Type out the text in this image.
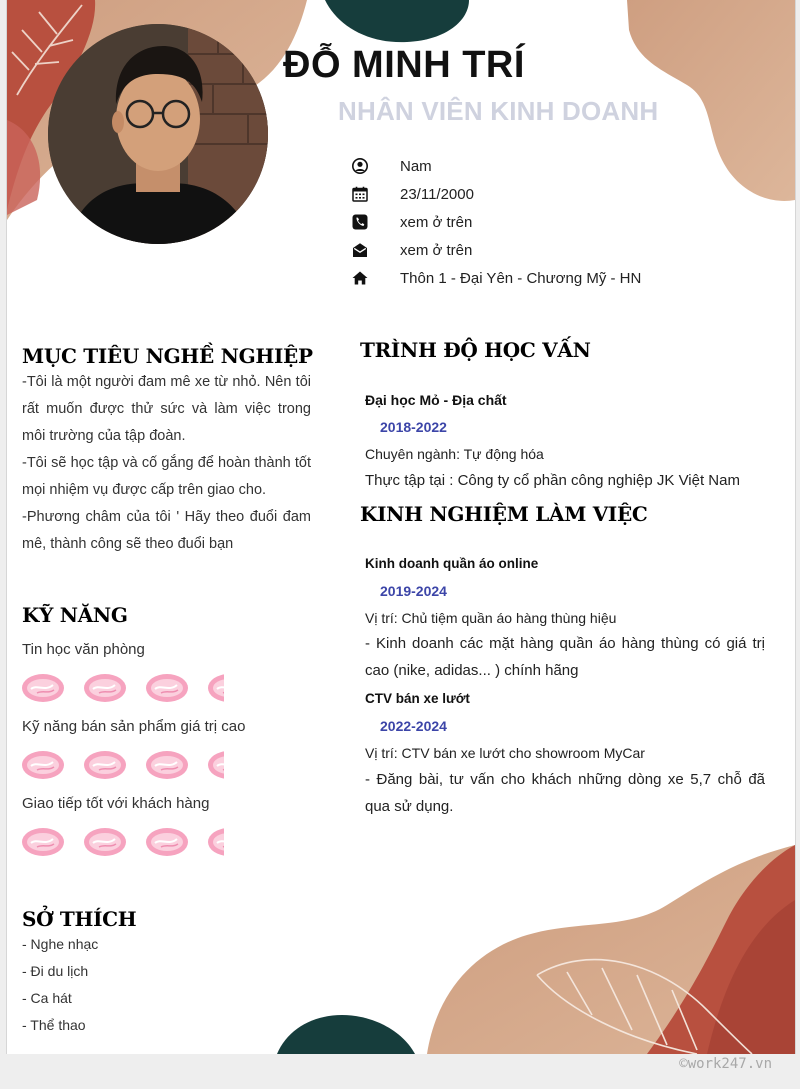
ĐỖ MINH TRÍ
NHÂN VIÊN KINH DOANH
Nam
23/11/2000
xem ở trên
xem ở trên
Thôn 1 - Đại Yên - Chương Mỹ - HN
MỤC TIÊU NGHỀ NGHIỆP

-Tôi là một người đam mê xe từ nhỏ. Nên tôi rất muốn được thử sức và làm việc trong môi trường của tập đoàn.

-Tôi sẽ học tập và cố gắng để hoàn thành tốt mọi nhiệm vụ được cấp trên giao cho.

-Phương châm của tôi ' Hãy theo đuổi đam mê, thành công sẽ theo đuổi bạn

KỸ NĂNG
Tin học văn phòng
Kỹ năng bán sản phẩm giá trị cao
Giao tiếp tốt với khách hàng
SỞ THÍCH
- Nghe nhạc
- Đi du lịch
- Ca hát
- Thể thao
TRÌNH ĐỘ HỌC VẤN
Đại học Mỏ - Địa chất
2018-2022
Chuyên ngành: Tự động hóa
Thực tập tại : Công ty cổ phần công nghiệp JK Việt Nam
KINH NGHIỆM LÀM VIỆC
Kinh doanh quần áo online
2019-2024
Vị trí: Chủ tiệm quần áo hàng thùng hiệu
- Kinh doanh các mặt hàng quần áo hàng thùng có giá trị cao (nike, adidas... ) chính hãng
CTV bán xe lướt
2022-2024
Vị trí: CTV bán xe lướt cho showroom MyCar
- Đăng bài, tư vấn cho khách những dòng xe 5,7 chỗ đã qua sử dụng.
©work247.vn
